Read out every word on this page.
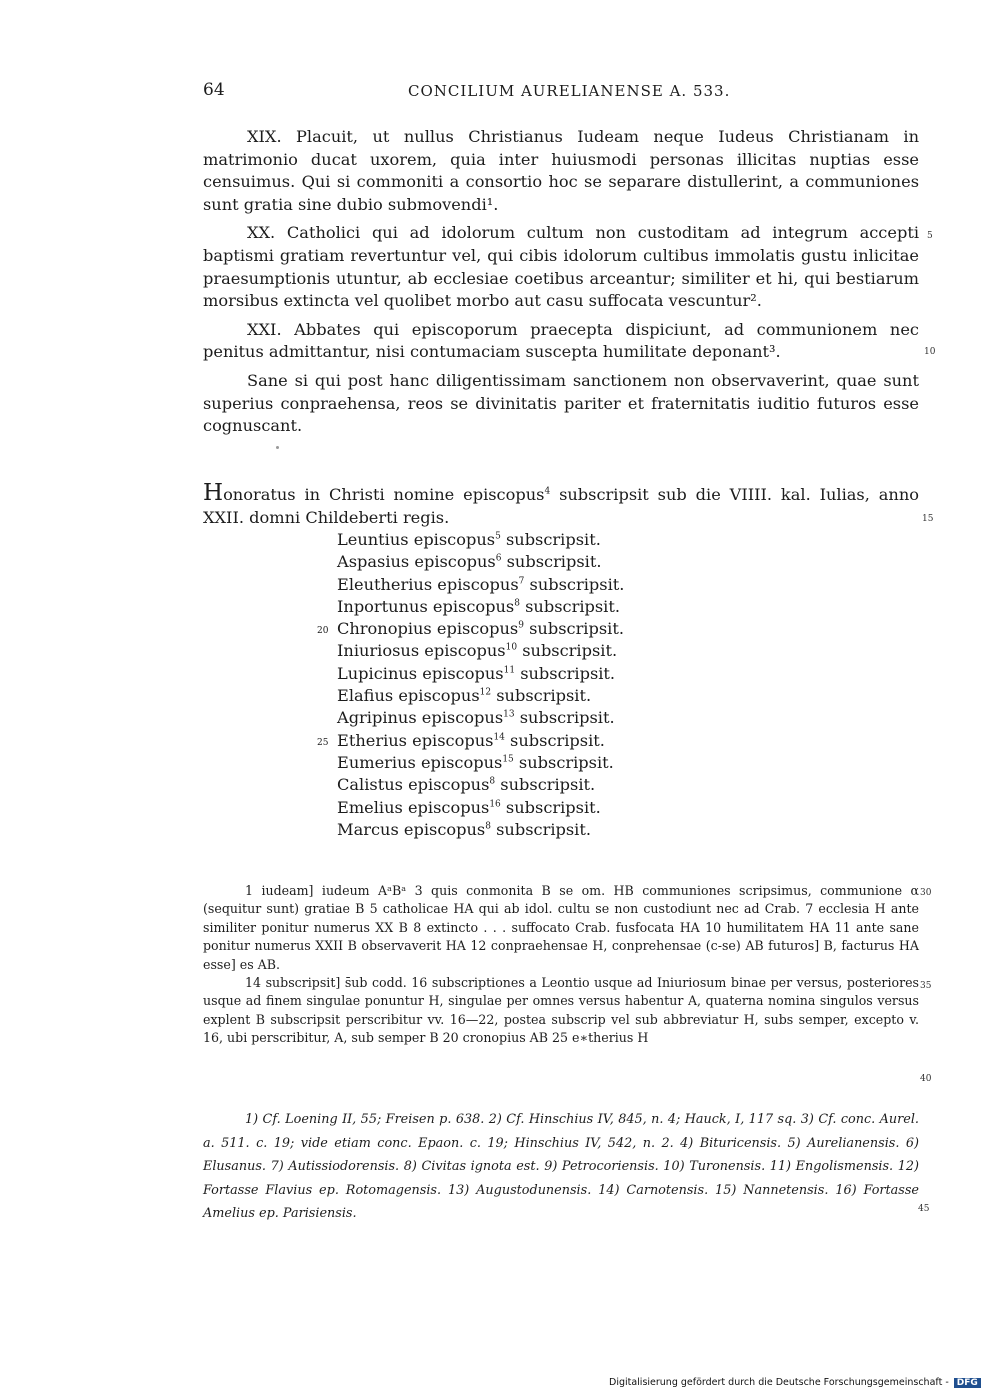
64	CONCILIUM AURELIANENSE A. 533.

XIX. Placuit, ut nullus Christianus Iudeam neque Iudeus Christianam in matrimonio ducat uxorem, quia inter huiusmodi personas illicitas nuptias esse censuimus. Qui si commoniti a consortio hoc se separare distullerint, a communiones sunt gratia sine dubio submovendi¹.

XX. Catholici qui ad idolorum cultum non custoditam ad integrum accepti baptismi gratiam revertuntur vel, qui cibis idolorum cultibus immolatis gustu inlicitae praesumptionis utuntur, ab ecclesiae coetibus arceantur; similiter et hi, qui bestiarum morsibus extincta vel quolibet morbo aut casu suffocata vescuntur².

XXI. Abbates qui episcoporum praecepta dispiciunt, ad communionem nec penitus admittantur, nisi contumaciam suscepta humilitate deponant³.

Sane si qui post hanc diligentissimam sanctionem non observaverint, quae sunt superius conpraehensa, reos se divinitatis pariter et fraternitatis iuditio futuros esse cognuscant.

5
10
Honoratus in Christi nomine episcopus$^4$ subscripsit sub die VIIII. kal. Iulias, anno XXII. domni Childeberti regis.	15
Leuntius episcopus$^5$ subscripsit.
Aspasius episcopus$^6$ subscripsit.
Eleutherius episcopus$^7$ subscripsit.
Inportunus episcopus$^8$ subscripsit.
20 Chronopius episcopus$^9$ subscripsit.
Iniuriosus episcopus$^{10}$ subscripsit.
Lupicinus episcopus$^{11}$ subscripsit.
Elafius episcopus$^{12}$ subscripsit.
Agripinus episcopus$^{13}$ subscripsit.
25 Etherius episcopus$^{14}$ subscripsit.
Eumerius episcopus$^{15}$ subscripsit.
Calistus episcopus$^8$ subscripsit.
Emelius episcopus$^{16}$ subscripsit.
Marcus episcopus$^8$ subscripsit.
1 iudeam] iudeum AᵃBᵃ 3 quis conmonita B se om. HB communiones scripsimus, communione α (sequitur sunt) gratiae B 5 catholicae HA qui ab idol. cultu se non custodiunt nec ad Crab. 7 ecclesia H ante similiter ponitur numerus XX B 8 extincto . . . suffocato Crab. fusfocata HA 10 humilitatem HA 11 ante sane ponitur numerus XXII B observaverit HA 12 conpraehensae H, conprehensae (c-se) AB futuros] B, facturus HA esse] es AB.
14 subscripsit] s̄ub codd. 16 subscriptiones a Leontio usque ad Iniuriosum binae per versus, posteriores usque ad finem singulae ponuntur H, singulae per omnes versus habentur A, quaterna nomina singulos versus explent B subscripsit perscribitur vv. 16—22, postea subscrip vel sub abbreviatur H, subs semper, excepto v. 16, ubi perscribitur, A, sub semper B 20 cronopius AB 25 e∗therius H
30
35
40
1) Cf. Loening II, 55; Freisen p. 638. 2) Cf. Hinschius IV, 845, n. 4; Hauck, I, 117 sq. 3) Cf. conc. Aurel. a. 511. c. 19; vide etiam conc. Epaon. c. 19; Hinschius IV, 542, n. 2. 4) Bituricensis. 5) Aurelianensis. 6) Elusanus. 7) Autissiodorensis. 8) Civitas ignota est. 9) Petrocoriensis. 10) Turonensis. 11) Engolismensis. 12) Fortasse Flavius ep. Rotomagensis. 13) Augustodunensis. 14) Carnotensis. 15) Nannetensis. 16) Fortasse Amelius ep. Parisiensis.	45
Digitalisierung gefördert durch die Deutsche Forschungsgemeinschaft - DFG
